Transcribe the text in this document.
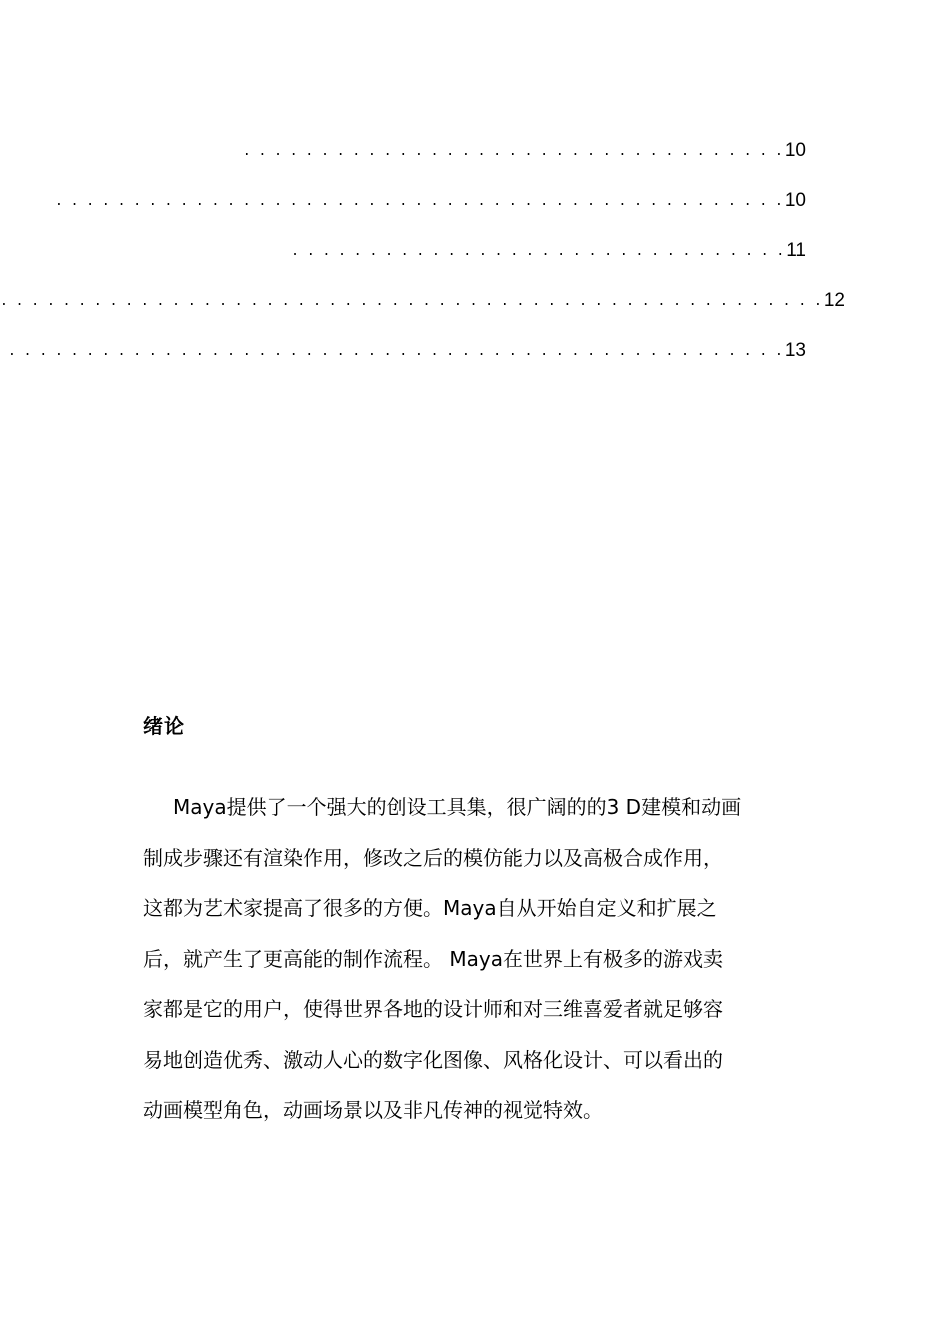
. . . . . . . . . . . . . . . . . . . . . . . . . . . . . . . . . . . 10
. . . . . . . . . . . . . . . . . . . . . . . . . . . . . . . . . . . . . . . . . . . . . . . 10
. . . . . . . . . . . . . . . . . . . . . . . . . . . . . . . . 11
. . . . . . . . . . . . . . . . . . . . . . . . . . . . . . . . . . . . . . . . . . . . . . . . . . . . . 12
. . . . . . . . . . . . . . . . . . . . . . . . . . . . . . . . . . . . . . . . . . . . . . . . . . 13
绪论
Maya提供了一个强大的创设工具集，很广阔的的3 D建模和动画
制成步骤还有渲染作用，修改之后的模仿能力以及高极合成作用，
这都为艺术家提高了很多的方便。Maya自从开始自定义和扩展之
后，就产生了更高能的制作流程。 Maya在世界上有极多的游戏卖
家都是它的用户，使得世界各地的设计师和对三维喜爱者就足够容
易地创造优秀、激动人心的数字化图像、风格化设计、可以看出的
动画模型角色，动画场景以及非凡传神的视觉特效。
